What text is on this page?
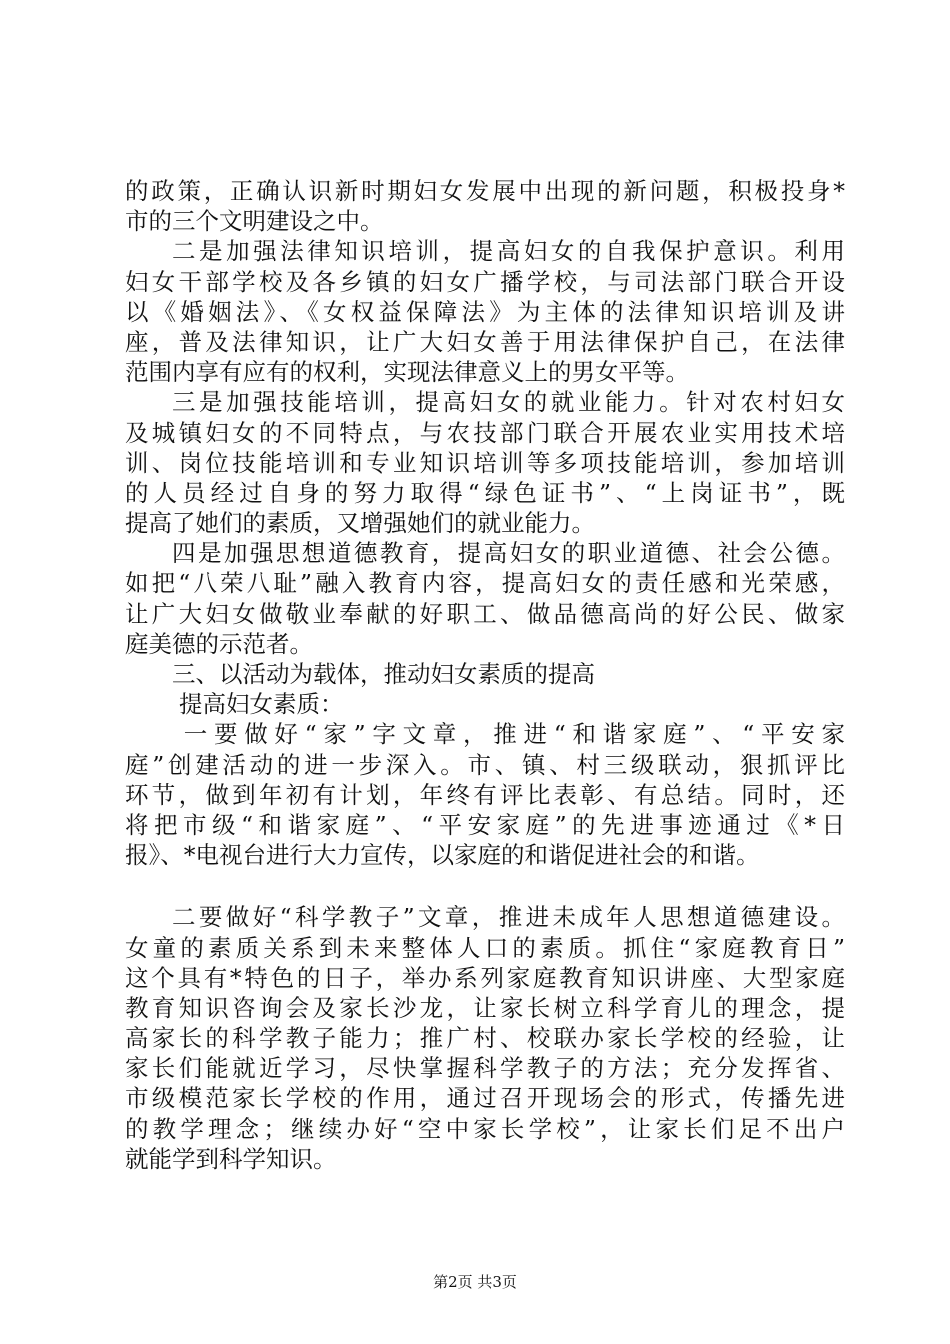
的政策，正确认识新时期妇女发展中出现的新问题，积极投身*
市的三个文明建设之中。
二是加强法律知识培训，提高妇女的自我保护意识。利用
妇女干部学校及各乡镇的妇女广播学校，与司法部门联合开设
以《婚姻法》、《女权益保障法》为主体的法律知识培训及讲
座，普及法律知识，让广大妇女善于用法律保护自己，在法律
范围内享有应有的权利，实现法律意义上的男女平等。
三是加强技能培训，提高妇女的就业能力。针对农村妇女
及城镇妇女的不同特点，与农技部门联合开展农业实用技术培
训、岗位技能培训和专业知识培训等多项技能培训，参加培训
的人员经过自身的努力取得“绿色证书”、“上岗证书”，既
提高了她们的素质，又增强她们的就业能力。
四是加强思想道德教育，提高妇女的职业道德、社会公德。
如把“八荣八耻”融入教育内容，提高妇女的责任感和光荣感，
让广大妇女做敬业奉献的好职工、做品德高尚的好公民、做家
庭美德的示范者。
三、以活动为载体，推动妇女素质的提高
提高妇女素质：
一要做好“家”字文章，推进“和谐家庭”、“平安家
庭”创建活动的进一步深入。市、镇、村三级联动，狠抓评比
环节，做到年初有计划，年终有评比表彰、有总结。同时，还
将把市级“和谐家庭”、“平安家庭”的先进事迹通过《*日
报》、*电视台进行大力宣传，以家庭的和谐促进社会的和谐。
二要做好“科学教子”文章，推进未成年人思想道德建设。
女童的素质关系到未来整体人口的素质。抓住“家庭教育日”
这个具有*特色的日子，举办系列家庭教育知识讲座、大型家庭
教育知识咨询会及家长沙龙，让家长树立科学育儿的理念，提
高家长的科学教子能力；推广村、校联办家长学校的经验，让
家长们能就近学习，尽快掌握科学教子的方法；充分发挥省、
市级模范家长学校的作用，通过召开现场会的形式，传播先进
的教学理念；继续办好“空中家长学校”，让家长们足不出户
就能学到科学知识。
第2页 共3页
